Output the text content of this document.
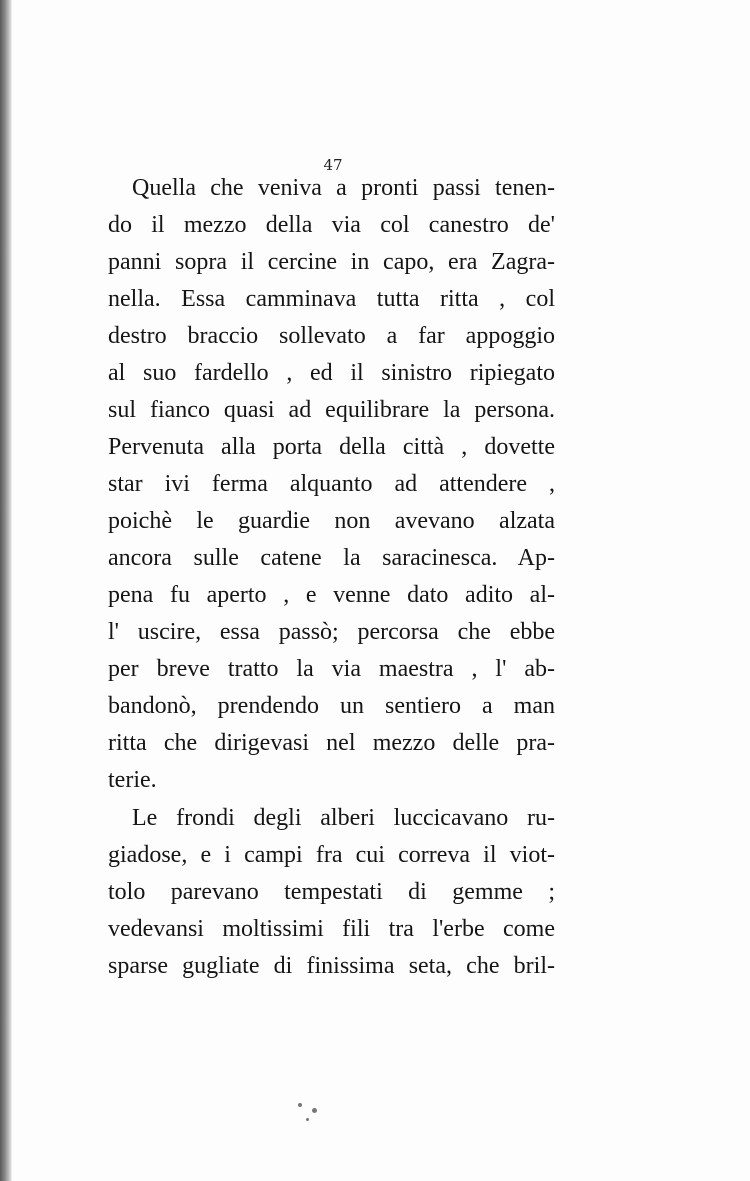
47
Quella che veniva a pronti passi tenen-
do il mezzo della via col canestro de'
panni sopra il cercine in capo, era Zagra-
nella. Essa camminava tutta ritta , col
destro braccio sollevato a far appoggio
al suo fardello , ed il sinistro ripiegato
sul fianco quasi ad equilibrare la persona.
Pervenuta alla porta della città , dovette
star ivi ferma alquanto ad attendere ,
poichè le guardie non avevano alzata
ancora sulle catene la saracinesca. Ap-
pena fu aperto , e venne dato adito al-
l' uscire, essa passò; percorsa che ebbe
per breve tratto la via maestra , l' ab-
bandonò, prendendo un sentiero a man
ritta che dirigevasi nel mezzo delle pra-
terie.
Le frondi degli alberi luccicavano ru-
giadose, e i campi fra cui correva il viot-
tolo parevano tempestati di gemme ;
vedevansi moltissimi fili tra l'erbe come
sparse gugliate di finissima seta, che bril-
